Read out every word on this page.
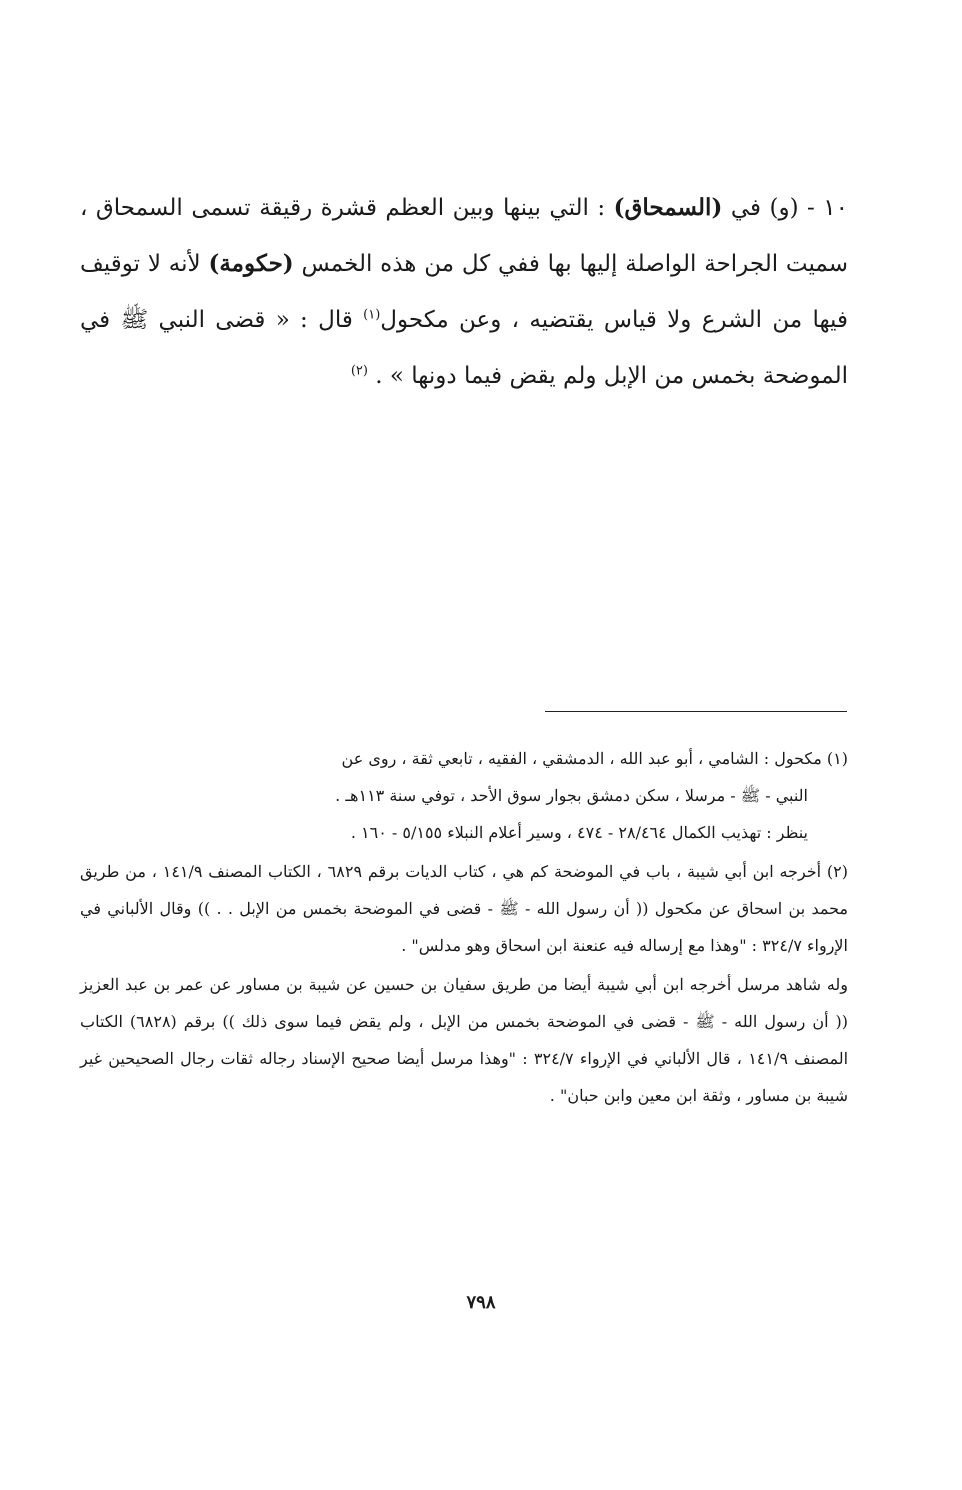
١٠ - (و) في (السمحاق) : التي بينها وبين العظم قشرة رقيقة تسمى السمحاق ، سميت الجراحة الواصلة إليها بها ففي كل من هذه الخمس (حكومة) لأنه لا توقيف فيها من الشرع ولا قياس يقتضيه ، وعن مكحول$^{(١)}$ قال : « قضى النبي ﷺ في الموضحة بخمس من الإبل ولم يقض فيما دونها » . $^{(٢)}$

(١) مكحول : الشامي ، أبو عبد الله ، الدمشقي ، الفقيه ، تابعي ثقة ، روى عن

النبي - ﷺ - مرسلا ، سكن دمشق بجوار سوق الأحد ، توفي سنة ١١٣هـ .

ينظر : تهذيب الكمال ٢٨/٤٦٤ - ٤٧٤ ، وسير أعلام النبلاء ٥/١٥٥ - ١٦٠ .

(٢) أخرجه ابن أبي شيبة ، باب في الموضحة كم هي ، كتاب الديات برقم ٦٨٢٩ ، الكتاب المصنف ١٤١/٩ ، من طريق محمد بن اسحاق عن مكحول (( أن رسول الله - ﷺ - قضى في الموضحة بخمس من الإبل . . )) وقال الألباني في الإرواء ٣٢٤/٧ : "وهذا مع إرساله فيه عنعنة ابن اسحاق وهو مدلس" .

وله شاهد مرسل أخرجه ابن أبي شيبة أيضا من طريق سفيان بن حسين عن شيبة بن مساور عن عمر بن عبد العزيز (( أن رسول الله - ﷺ - قضى في الموضحة بخمس من الإبل ، ولم يقض فيما سوى ذلك )) برقم (٦٨٢٨) الكتاب المصنف ١٤١/٩ ، قال الألباني في الإرواء ٣٢٤/٧ : "وهذا مرسل أيضا صحيح الإسناد رجاله ثقات رجال الصحيحين غير شيبة بن مساور ، وثقة ابن معين وابن حبان" .

٧٩٨
